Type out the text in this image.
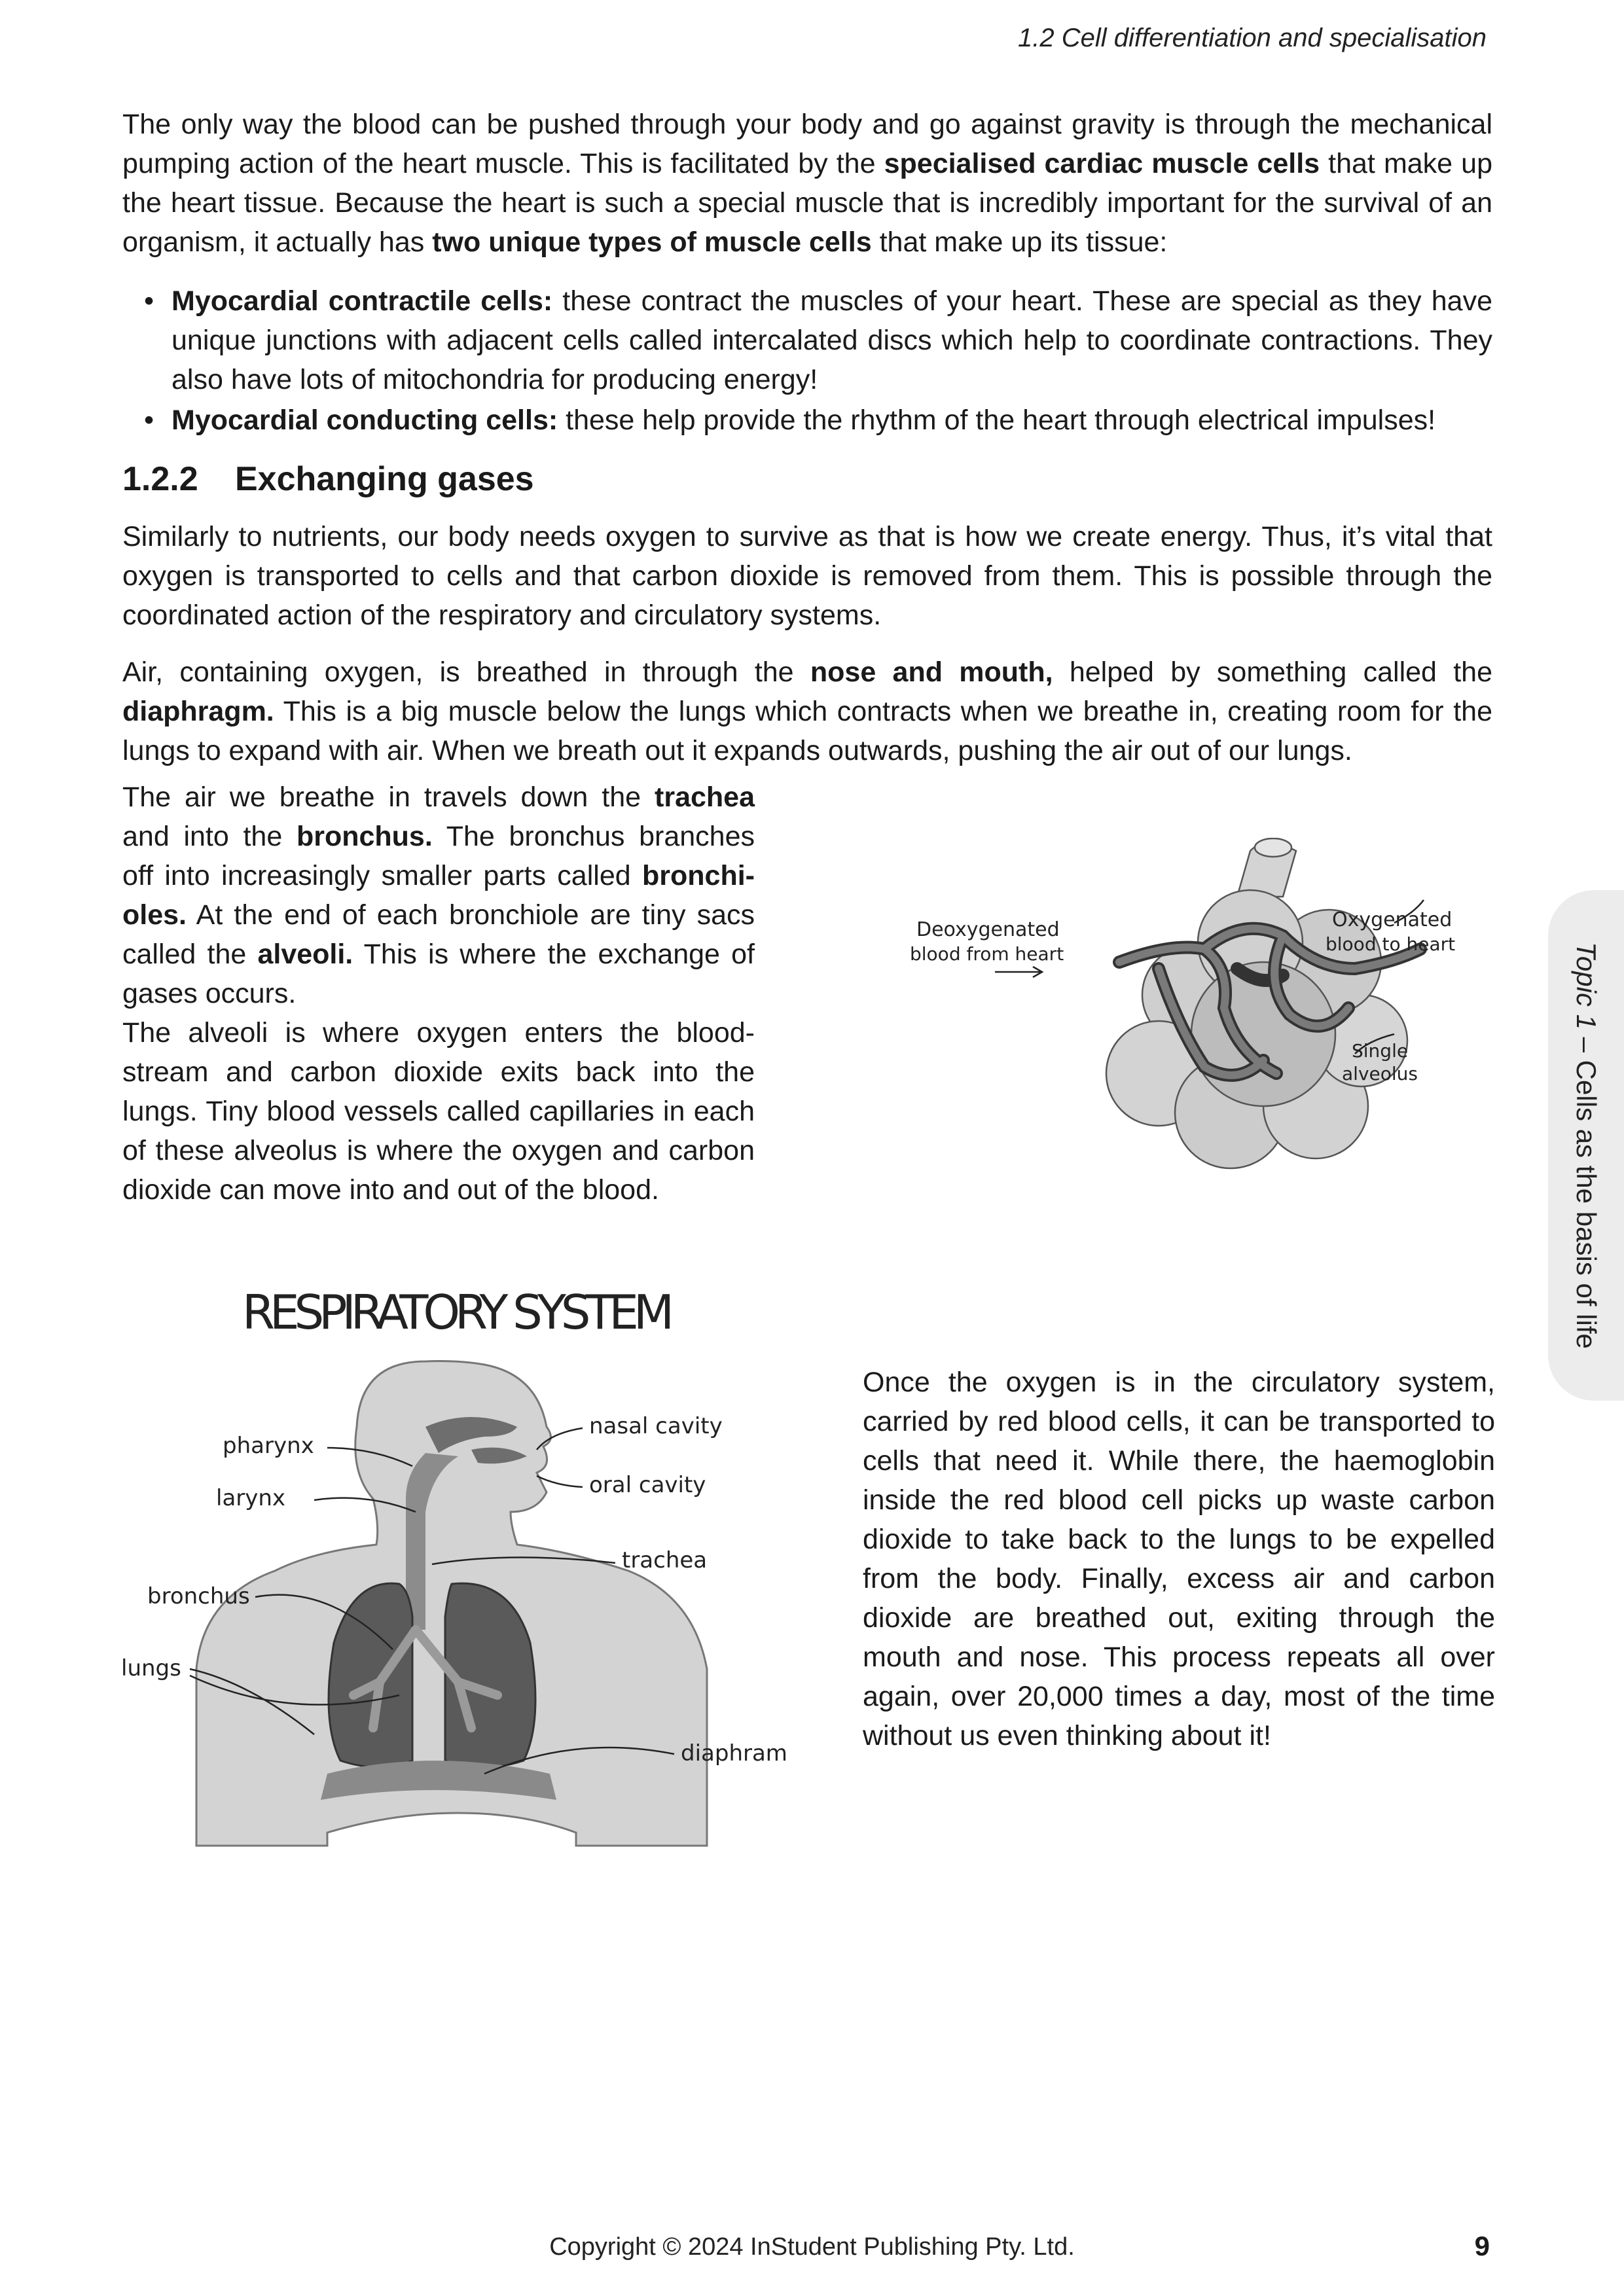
1.2 Cell differentiation and specialisation

The only way the blood can be pushed through your body and go against gravity is through the mechanical pumping action of the heart muscle. This is facilitated by the specialised cardiac muscle cells that make up the heart tissue. Because the heart is such a special muscle that is incredibly important for the survival of an organism, it actually has two unique types of muscle cells that make up its tissue:

• Myocardial contractile cells: these contract the muscles of your heart. These are special as they have unique junctions with adjacent cells called intercalated discs which help to coordinate contractions. They also have lots of mitochondria for producing energy!
• Myocardial conducting cells: these help provide the rhythm of the heart through electrical impulses!
1.2.2 Exchanging gases

Similarly to nutrients, our body needs oxygen to survive as that is how we create energy. Thus, it’s vital that oxygen is transported to cells and that carbon dioxide is removed from them. This is possible through the coordinated action of the respiratory and circulatory systems.

Air, containing oxygen, is breathed in through the nose and mouth, helped by something called the diaphragm. This is a big muscle below the lungs which contracts when we breathe in, creating room for the lungs to expand with air. When we breath out it expands outwards, pushing the air out of our lungs.

The air we breathe in travels down the trachea and into the bronchus. The bronchus branches off into increasingly smaller parts called bronchi-oles. At the end of each bronchiole are tiny sacs called the alveoli. This is where the exchange of gases occurs.

The alveoli is where oxygen enters the blood-stream and carbon dioxide exits back into the lungs. Tiny blood vessels called capillaries in each of these alveolus is where the oxygen and carbon dioxide can move into and out of the blood.

Deoxygenated
blood from heart
Oxygenated
blood to heart
Single
alveolus
RESPIRATORY SYSTEM
pharynx
larynx
bronchus
lungs
nasal cavity
oral cavity
trachea
diaphram

Once the oxygen is in the circulatory system, carried by red blood cells, it can be transported to cells that need it. While there, the haemoglobin inside the red blood cell picks up waste carbon dioxide to take back to the lungs to be expelled from the body. Finally, excess air and carbon dioxide are breathed out, exiting through the mouth and nose. This process repeats all over again, over 20,000 times a day, most of the time without us even thinking about it!

Topic 1 – Cells as the basis of life
Copyright © 2024 InStudent Publishing Pty. Ltd.	9
